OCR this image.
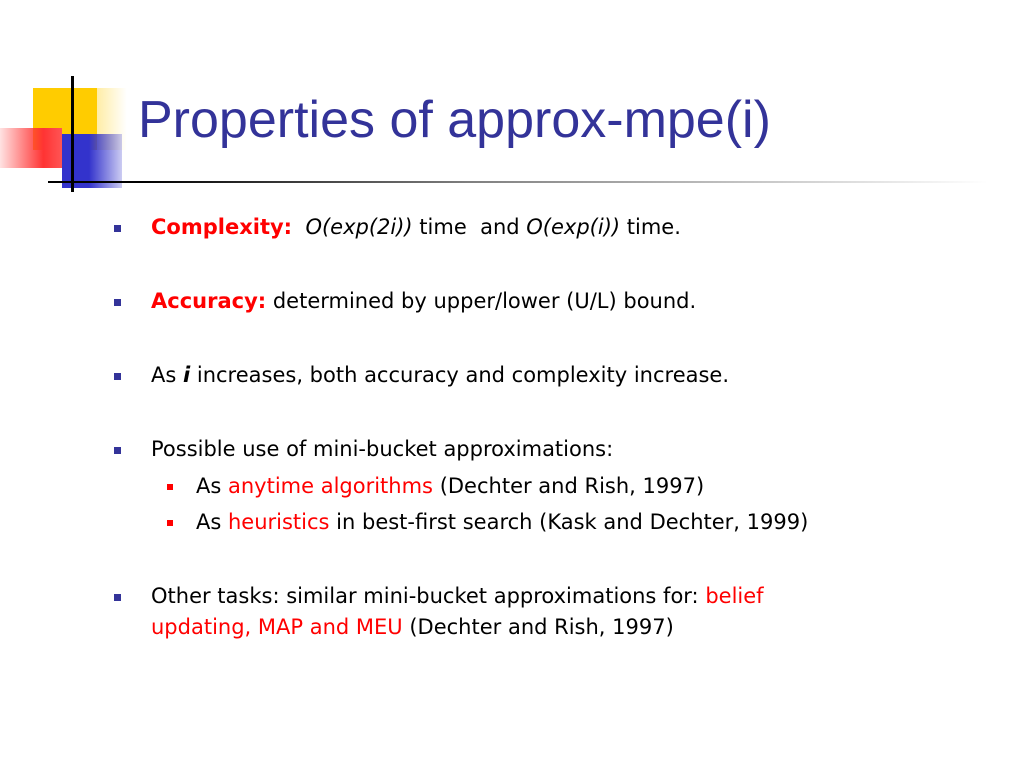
Properties of approx-mpe(i)
Complexity: O(exp(2i)) time  and O(exp(i)) time.
Accuracy: determined by upper/lower (U/L) bound.
As i increases, both accuracy and complexity increase.
Possible use of mini-bucket approximations:
As anytime algorithms (Dechter and Rish, 1997)
As heuristics in best-first search (Kask and Dechter, 1999)
Other tasks: similar mini-bucket approximations for: belief
updating, MAP and MEU (Dechter and Rish, 1997)
